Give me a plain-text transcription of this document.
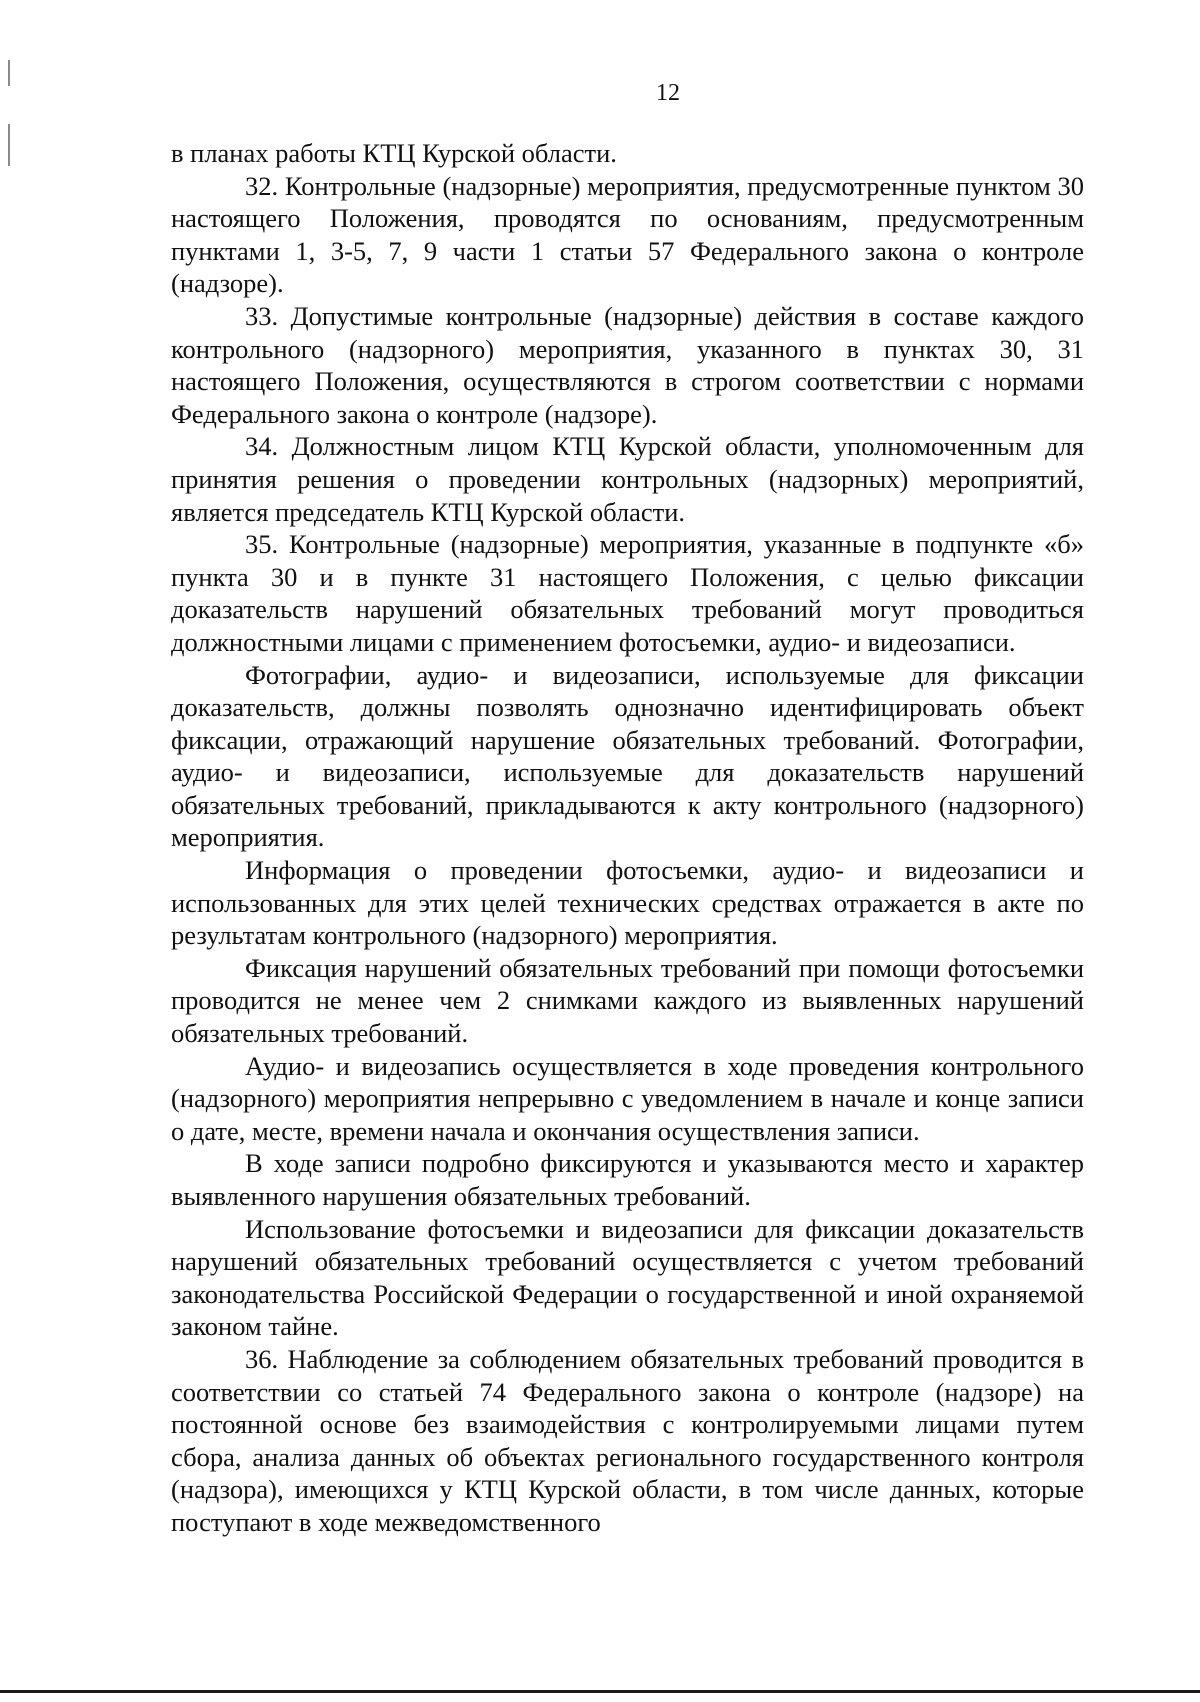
12

в планах работы КТЦ Курской области.

32. Контрольные (надзорные) мероприятия, предусмотренные пунктом 30 настоящего Положения, проводятся по основаниям, предусмотренным пунктами 1, 3-5, 7, 9 части 1 статьи 57 Федерального закона о контроле (надзоре).

33. Допустимые контрольные (надзорные) действия в составе каждого контрольного (надзорного) мероприятия, указанного в пунктах 30, 31 настоящего Положения, осуществляются в строгом соответствии с нормами Федерального закона о контроле (надзоре).

34. Должностным лицом КТЦ Курской области, уполномоченным для принятия решения о проведении контрольных (надзорных) мероприятий, является председатель КТЦ Курской области.

35. Контрольные (надзорные) мероприятия, указанные в подпункте «б» пункта 30 и в пункте 31 настоящего Положения, с целью фиксации доказательств нарушений обязательных требований могут проводиться должностными лицами с применением фотосъемки, аудио- и видеозаписи.

Фотографии, аудио- и видеозаписи, используемые для фиксации доказательств, должны позволять однозначно идентифицировать объект фиксации, отражающий нарушение обязательных требований. Фотографии, аудио- и видеозаписи, используемые для доказательств нарушений обязательных требований, прикладываются к акту контрольного (надзорного) мероприятия.

Информация о проведении фотосъемки, аудио- и видеозаписи и использованных для этих целей технических средствах отражается в акте по результатам контрольного (надзорного) мероприятия.

Фиксация нарушений обязательных требований при помощи фотосъемки проводится не менее чем 2 снимками каждого из выявленных нарушений обязательных требований.

Аудио- и видеозапись осуществляется в ходе проведения контрольного (надзорного) мероприятия непрерывно с уведомлением в начале и конце записи о дате, месте, времени начала и окончания осуществления записи.

В ходе записи подробно фиксируются и указываются место и характер выявленного нарушения обязательных требований.

Использование фотосъемки и видеозаписи для фиксации доказательств нарушений обязательных требований осуществляется с учетом требований законодательства Российской Федерации о государственной и иной охраняемой законом тайне.

36. Наблюдение за соблюдением обязательных требований проводится в соответствии со статьей 74 Федерального закона о контроле (надзоре) на постоянной основе без взаимодействия с контролируемыми лицами путем сбора, анализа данных об объектах регионального государственного контроля (надзора), имеющихся у КТЦ Курской области, в том числе данных, которые поступают в ходе межведомственного
